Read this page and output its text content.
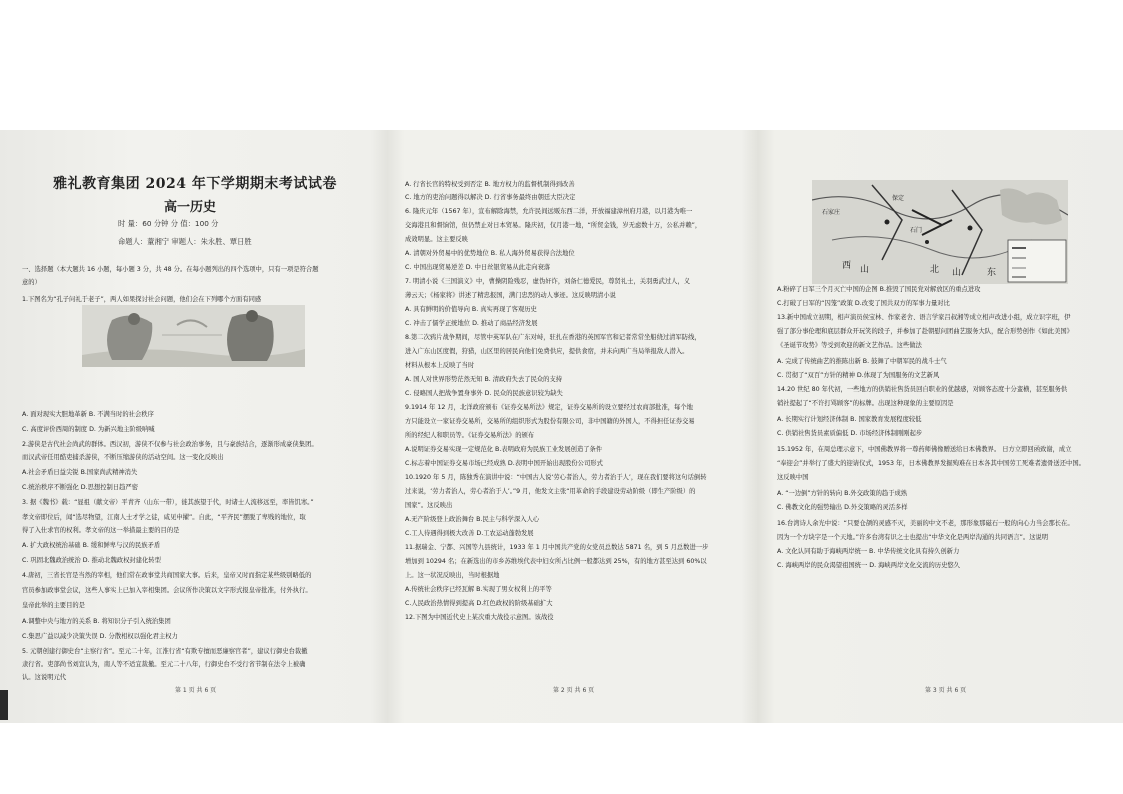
雅礼教育集团 2024 年下学期期末考试试卷
高一历史
时 量：60 分钟 分 值：100 分
命题人：蕫湘宁 审题人：朱永胜、覃日胜
一、选择题（本大题共 16 小题，每小题 3 分，共 48 分。在每小题列出的四个选项中，只有一项是符合题
意的）
1.下图名为“孔子问礼于老子”，两人如果探讨社会问题，他们会在下列哪个方面有同感
A. 面对现实大胆地革新 B. 不满当时的社会秩序
C. 高度评价西周的制度 D. 为新兴地主阶级呐喊
2.游侠是古代社会尚武的群体。西汉初，游侠不仅参与社会政治事务，且与豪族结合，逐渐形成豪侠集团。
而汉武帝任用酷吏捕杀游侠，不断压缩游侠的活动空间。这一变化反映出
A.社会矛盾日益尖锐 B.国家尚武精神消失
C.统治秩序不断强化 D.思想控制日趋严密
3. 据《魏书》载：“显祖（献文帝）平青齐（山东一带），徙其族望于代，时诸士人流移远至，率皆饥寒。”
孝文帝即位后，闻“选尽物望，江南人士才学之徒，咸见申擢”。自此，“平齐民”摆脱了卑贱的地位，取
得了入仕求官的权利。孝文帝的这一举措最主要的目的是
A. 扩大政权统治基础 B. 缓和鲜卑与汉的民族矛盾
C. 巩固北魏政治统治 D. 推动北魏政权封建化转型
4.唐初，三省长官是当然的宰相，他们常在政事堂共商国家大事。后来，皇帝又时而指定某些级别略低的
官员参加政事堂会议，这些人事实上已加入宰相集团。会议所作决策以文字形式报皇帝批准，付外执行。
皇帝此举的主要目的是
A.调整中央与地方的关系 B. 将知识分子引入统治集团
C.集思广益以减少决策失误 D. 分散相权以强化君主权力
5. 元朝创建行御史台“主察行省”。至元二十年，江淮行省“有欺专擅而恶廉察官者”，建议行御史台裁撤
隶行省。吏部尚书刘宣认为，南人等不适宜裁撤。至元二十八年，行御史台不受行省节制在法令上被确
认。这说明元代
A. 行省长官的特权受到否定 B. 地方权力的监督机制得到改善
C. 地方的吏治问题得以解决 D. 行省事务最终由朝廷大臣决定
6. 隆庆元年（1567 年），宣布解除海禁，允许民间远贩东西二洋，开放福建漳州府月港，以月港为唯一
交海港且和督饷馆，但仍禁止对日本贸易。隆庆初，仅月港一地，“所贸金钱，岁无虑数十万，公私并赖”，
成效明显。这主要反映
A. 清朝对外贸易中的优势地位 B. 私人海外贸易获得合法地位
C. 中国出现贸易逆差 D. 中日丝银贸易从此走向衰落
7. 明清小说《三国演义》中，曹操阴险残忍，虚伪奸诈，刘备仁德爱民，尊贤礼士，关羽勇武过人，义
薄云天；《杨家将》讲述了精忠报国，满门忠烈的动人事迹。这反映明清小说
A. 具有鲜明的价值导向 B. 真实再现了客观历史
C. 冲击了儒学正统地位 D. 推动了商品经济发展
8.第二次鸦片战争期间，尽管中英军队在广东对峙，驻扎在香港的英国军官和记者常常坐船绕过清军防线，
进入广东山区度假，狩猎，山区里的居民向他们免费供应，提供食宿，并未向两广当局举报敌人潜入。
材料从根本上反映了当时
A. 国人对世界形势茫然无知 B. 清政府失去了民众的支持
C. 侵略国人把战争置身事外 D. 民众的民族意识较为缺失
9.1914 年 12 月，北洋政府颁布《证券交易所法》规定，证券交易所的设立要经过农商部批准，每个地
方只能设立一家证券交易所，交易所的组织形式为股份有限公司，非中国籍的外国人，不得担任证券交易
所的经纪人和职员等。《证券交易所法》的颁布
A.说明证券交易实现一定规范化 B.表明政府为民族工业发展创造了条件
C.标志着中国证券交易市场已经成熟 D.表明中国开始出现股份公司形式
10.1920 年 5 月，陈独秀在演讲中说：“中国古人说‘劳心者治人，劳力者治于人’，现在我们要将这句话倒转
过来说，‘劳力者治人，劳心者治于人’。”9 月，他发文主张“用革命的手段建设劳动阶级（即生产阶级）的
国家”。这反映出
A.无产阶级登上政治舞台 B.民主与科学深入人心
C.工人待遇得到极大改善 D.工农运动蓬勃发展
11.据瑞金、宁都、兴国等九县统计，1933 年 1 月中国共产党的女党员总数达 5871 名，到 5 月总数进一步
增加到 10294 名；在新选出的市乡苏维埃代表中妇女所占比例一般都达到 25%，有的地方甚至达到 60%以
上。这一状况反映出，当时根据地
A.传统社会秩序已经瓦解 B.实现了男女权利上的平等
C.人民政治热情得到提高 D.红色政权的阶级基础扩大
12.下图为中国近代史上某次重大战役示意图。该战役
A.粉碎了日军三个月灭亡中国的企图 B.推毁了国民党对解放区的重点进攻
C.打破了日军的“囚笼”政策 D.改变了国共双方的军事力量对比
13.新中国成立初期，相声演员侯宝林、作家老舍、语言学家吕叔湘等成立相声改进小组，成立识字班，伊
强了部分事伦理和底层群众开玩笑的段子，并参加了赴朝慰问团曲艺服务大队，配合形势创作《如此美国》
《圣诞节攻势》等受到欢迎的新文艺作品。这些做法
A. 完成了传统曲艺的推陈出新 B. 鼓舞了中朝军民的战斗士气
C. 贯彻了“双百”方针的精神 D.体现了为国服务的文艺新风
14.20 世纪 80 年代初，一些地方的供销社售货员回自职业的优越感，对顾客态度十分蛮横，甚至服务供
销社提起了“不许打骂顾客”的标牌。出现这种现象的主要原因是
A. 长期实行计划经济体制 B. 国家教育发展程度较低
C. 供销社售货员素质偏低 D. 市场经济体制刚刚起步
15.1952 年，在周总理示意下，中国佛教界将一尊药师佛像赠送给日本佛教界。 日方立即回函致谢，成立
“奉迎会”并举行了盛大的迎请仪式，1953 年，日本佛教界发掘殉难在日本各其中国劳工死难者遗骨送还中国。
这反映中国
A. “一边倒”方针的转向 B.外交政策的趋于成熟
C. 佛教文化的强势输出 D.外交策略的灵活多样
16.台湾诗人余光中说：“只要仓颉的灵感不灭，美丽的中文不老，那形象那磁石一般的向心力当会那长在。
因为一个方块字是一个天地。”许多台湾有识之士也提出“中华文化是两岸沟通的共同语言”。这说明
A. 文化认同有助于海峡两岸统一 B. 中华传统文化具有持久创新力
C. 海峡两岸的民众渴望祖国统一 D. 海峡两岸文化交流的历史悠久
石家庄
西 山	北 山	东
保定
石门
第 1 页 共 6 页	第 2 页 共 6 页	第 3 页 共 6 页
